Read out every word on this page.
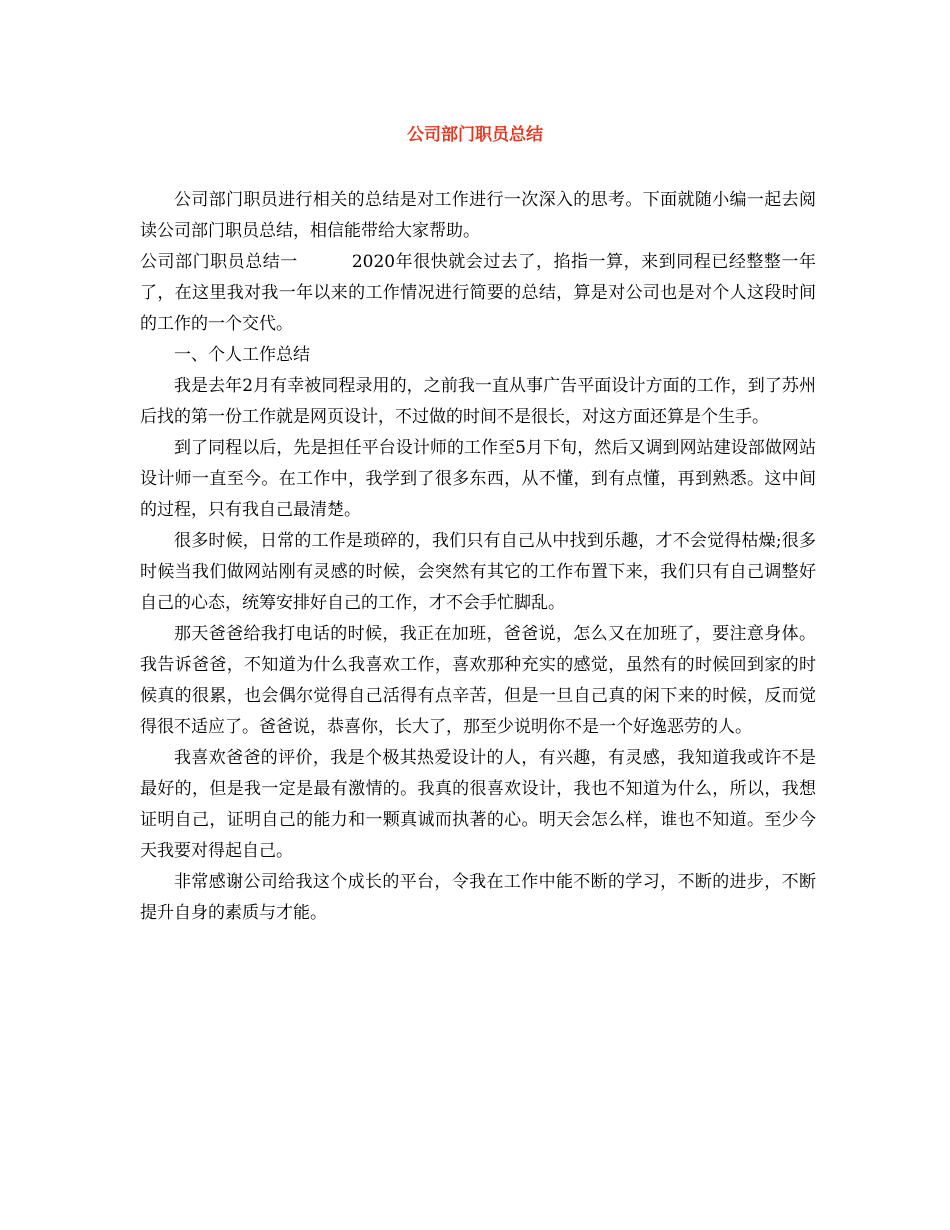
公司部门职员总结

公司部门职员进行相关的总结是对工作进行一次深入的思考。下面就随小编一起去阅读公司部门职员总结，相信能带给大家帮助。

公司部门职员总结一	2020年很快就会过去了，掐指一算，来到同程已经整整一年了，在这里我对我一年以来的工作情况进行简要的总结，算是对公司也是对个人这段时间的工作的一个交代。

一、个人工作总结

我是去年2月有幸被同程录用的，之前我一直从事广告平面设计方面的工作，到了苏州后找的第一份工作就是网页设计，不过做的时间不是很长，对这方面还算是个生手。

到了同程以后，先是担任平台设计师的工作至5月下旬，然后又调到网站建设部做网站设计师一直至今。在工作中，我学到了很多东西，从不懂，到有点懂，再到熟悉。这中间的过程，只有我自己最清楚。

很多时候，日常的工作是琐碎的，我们只有自己从中找到乐趣，才不会觉得枯燥;很多时候当我们做网站刚有灵感的时候，会突然有其它的工作布置下来，我们只有自己调整好自己的心态，统筹安排好自己的工作，才不会手忙脚乱。

那天爸爸给我打电话的时候，我正在加班，爸爸说，怎么又在加班了，要注意身体。我告诉爸爸，不知道为什么我喜欢工作，喜欢那种充实的感觉，虽然有的时候回到家的时候真的很累，也会偶尔觉得自己活得有点辛苦，但是一旦自己真的闲下来的时候，反而觉得很不适应了。爸爸说，恭喜你，长大了，那至少说明你不是一个好逸恶劳的人。

我喜欢爸爸的评价，我是个极其热爱设计的人，有兴趣，有灵感，我知道我或许不是最好的，但是我一定是最有激情的。我真的很喜欢设计，我也不知道为什么，所以，我想证明自己，证明自己的能力和一颗真诚而执著的心。明天会怎么样，谁也不知道。至少今天我要对得起自己。

非常感谢公司给我这个成长的平台，令我在工作中能不断的学习，不断的进步，不断提升自身的素质与才能。
